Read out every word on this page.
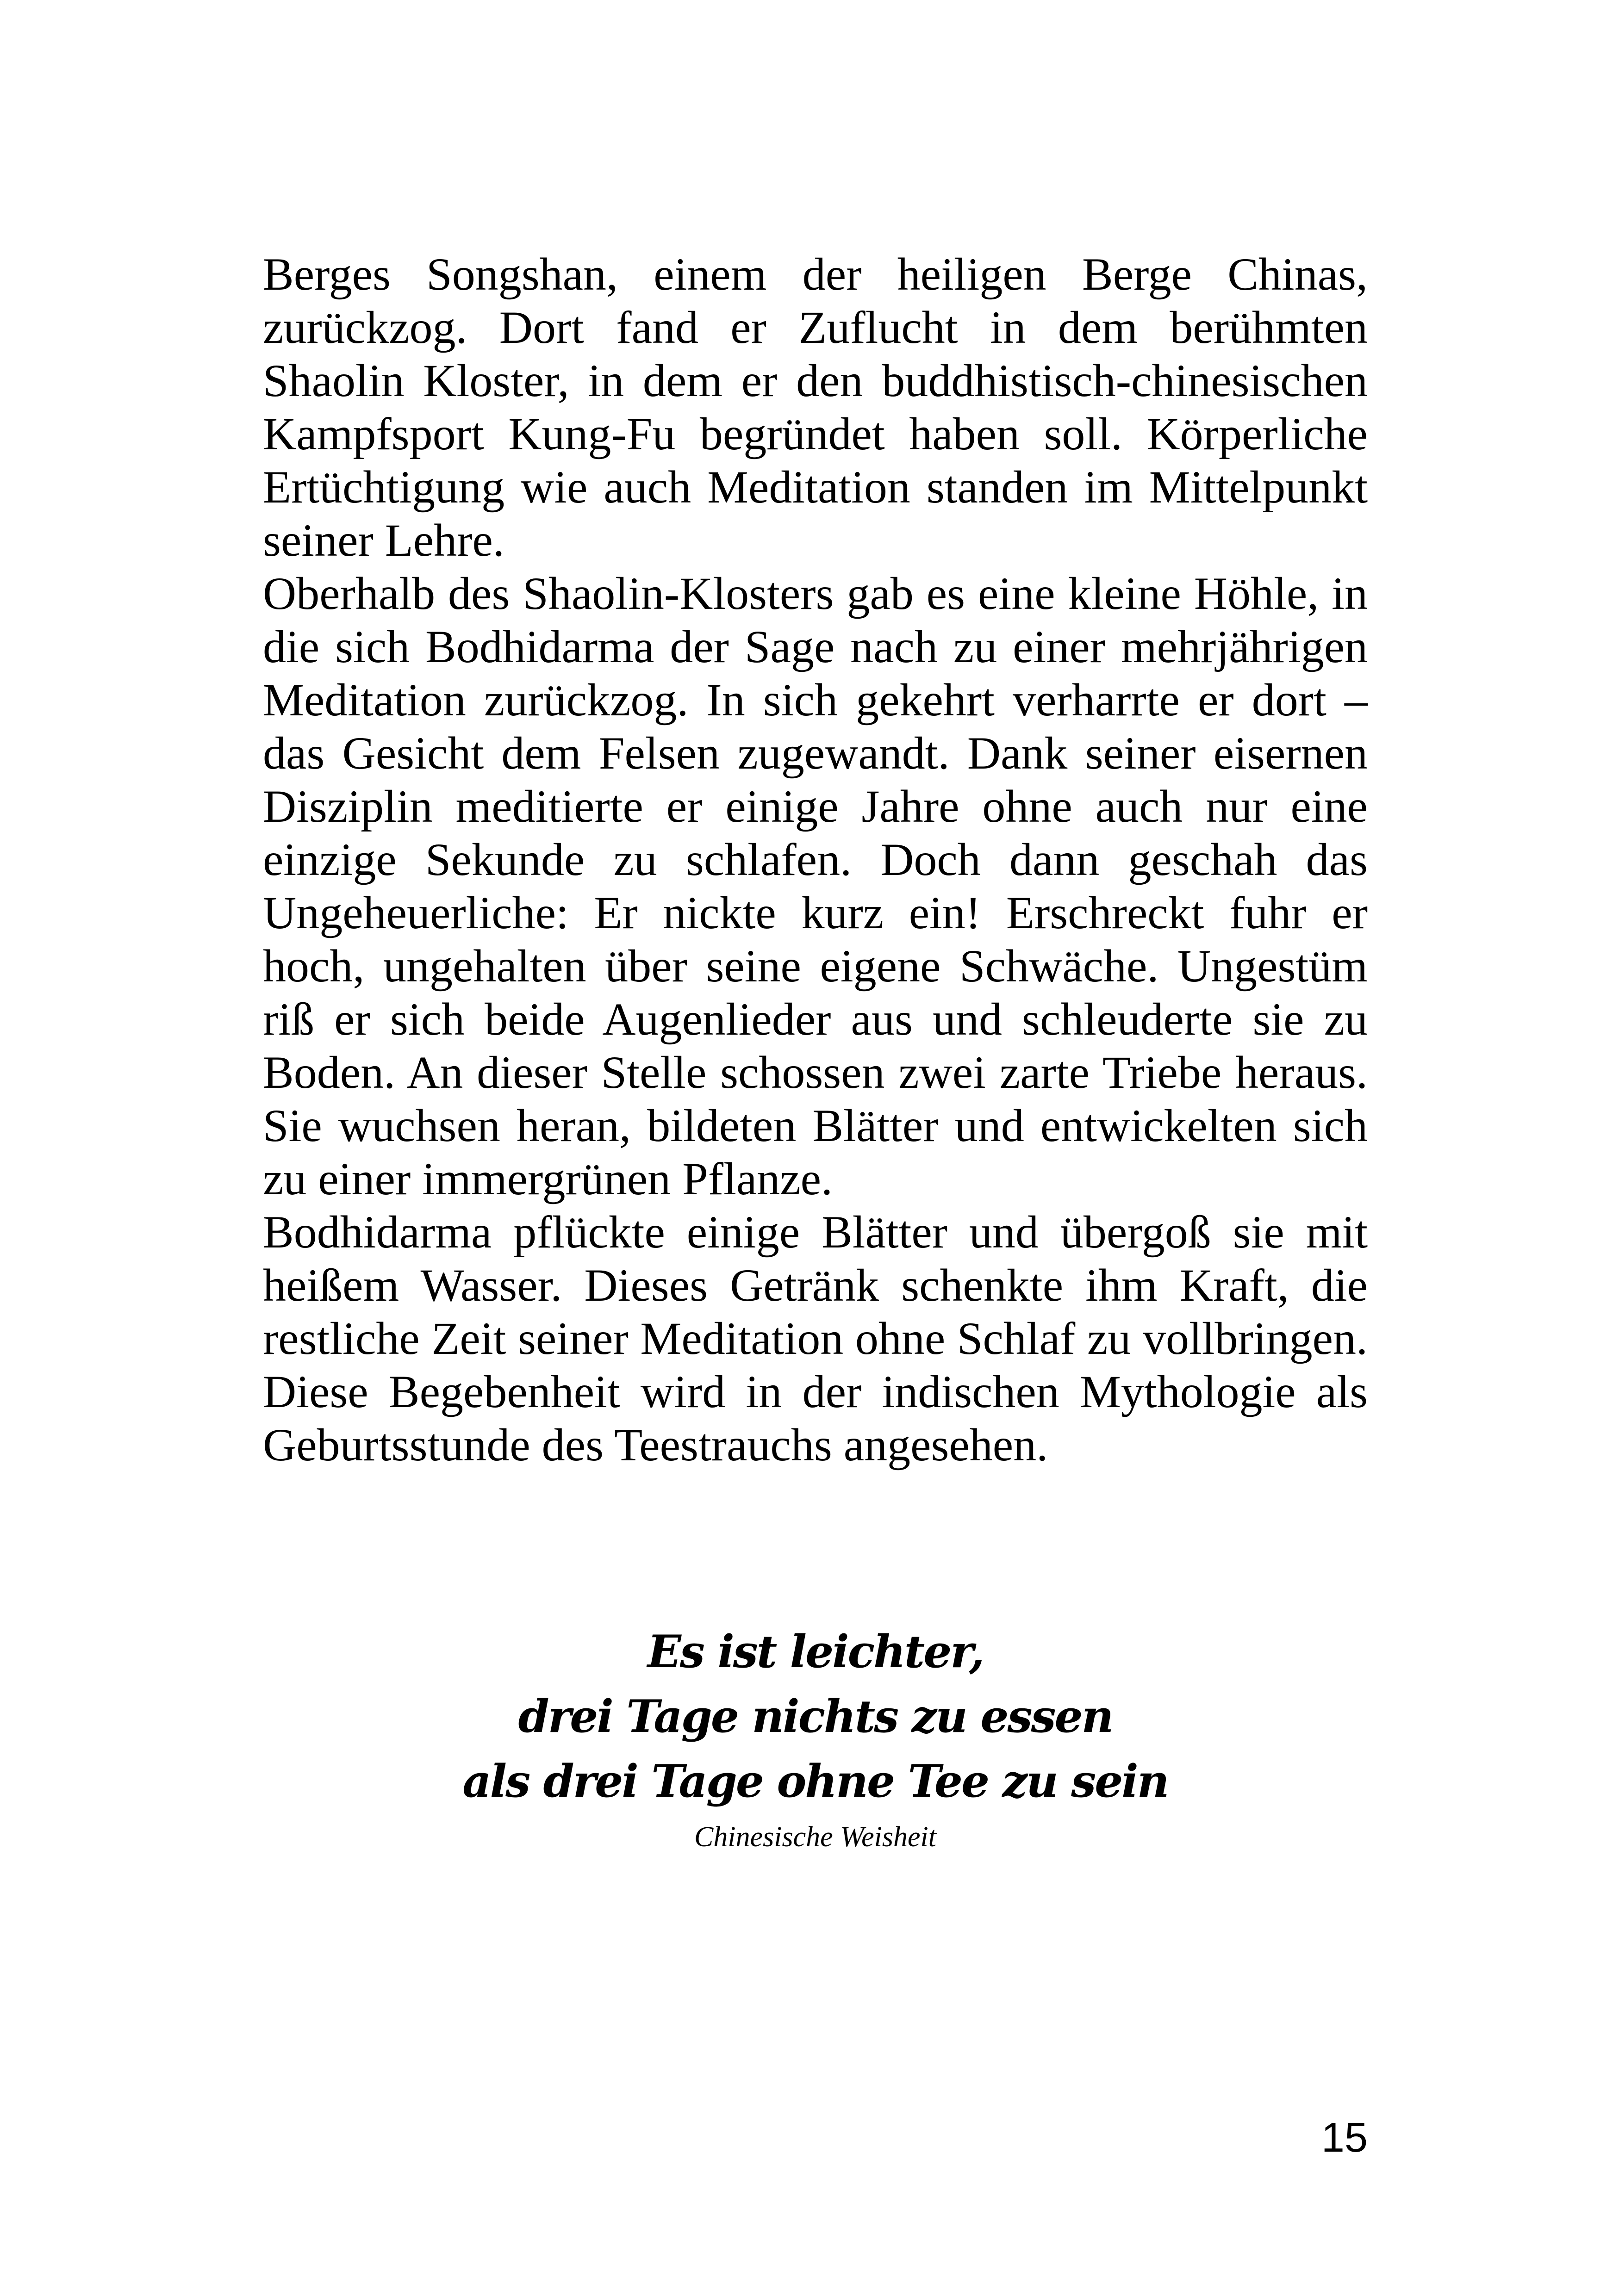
Berges Songshan, einem der heiligen Berge Chinas, zurückzog. Dort fand er Zuflucht in dem berühmten Shaolin Kloster, in dem er den buddhistisch-chinesischen Kampfsport Kung-Fu begründet haben soll. Körperliche Ertüchtigung wie auch Meditation standen im Mittelpunkt seiner Lehre.

Oberhalb des Shaolin-Klosters gab es eine kleine Höhle, in die sich Bodhidarma der Sage nach zu einer mehrjährigen Meditation zurückzog. In sich gekehrt verharrte er dort – das Gesicht dem Felsen zugewandt. Dank seiner eisernen Disziplin meditierte er einige Jahre ohne auch nur eine einzige Sekunde zu schlafen. Doch dann geschah das Ungeheuerliche: Er nickte kurz ein! Erschreckt fuhr er hoch, ungehalten über seine eigene Schwäche. Ungestüm riß er sich beide Augenlieder aus und schleuderte sie zu Boden. An dieser Stelle schossen zwei zarte Triebe heraus. Sie wuchsen heran, bildeten Blätter und entwickelten sich zu einer immergrünen Pflanze.

Bodhidarma pflückte einige Blätter und übergoß sie mit heißem Wasser. Dieses Getränk schenkte ihm Kraft, die restliche Zeit seiner Meditation ohne Schlaf zu vollbringen. Diese Begebenheit wird in der indischen Mythologie als Geburtsstunde des Teestrauchs angesehen.

Es ist leichter,
drei Tage nichts zu essen
als drei Tage ohne Tee zu sein
Chinesische Weisheit
15
